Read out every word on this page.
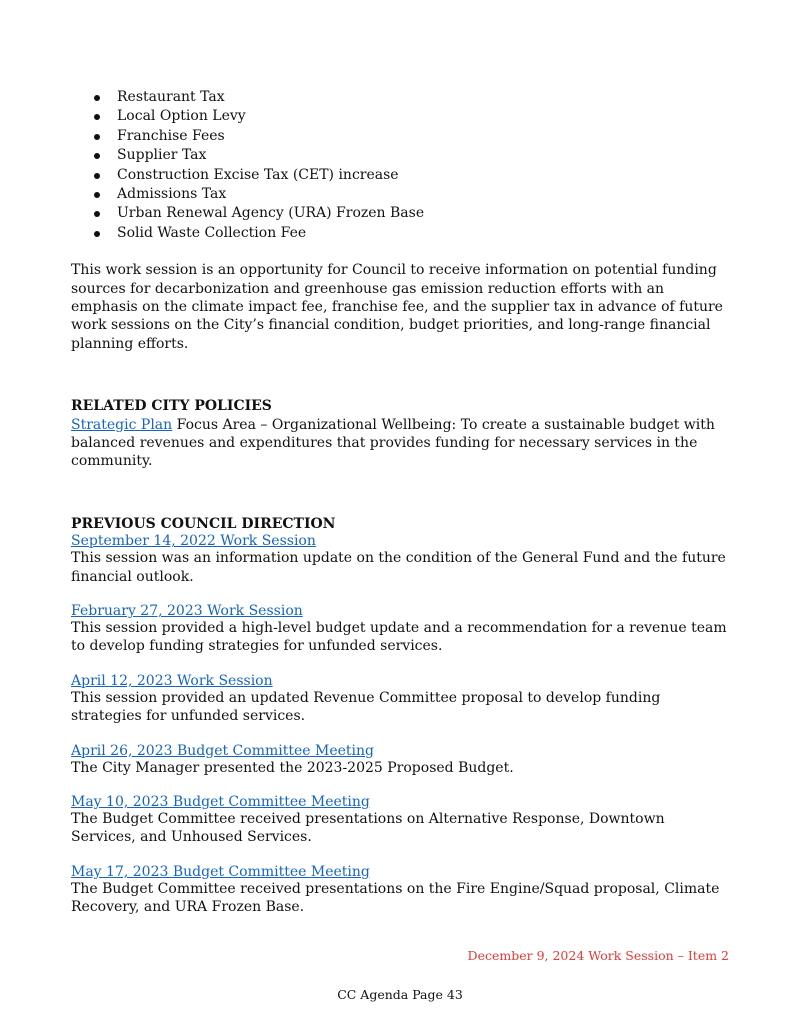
Restaurant Tax
Local Option Levy
Franchise Fees
Supplier Tax
Construction Excise Tax (CET) increase
Admissions Tax
Urban Renewal Agency (URA) Frozen Base
Solid Waste Collection Fee

This work session is an opportunity for Council to receive information on potential funding sources for decarbonization and greenhouse gas emission reduction efforts with an emphasis on the climate impact fee, franchise fee, and the supplier tax in advance of future work sessions on the City’s financial condition, budget priorities, and long-range financial planning efforts.

RELATED CITY POLICIES

Strategic Plan Focus Area – Organizational Wellbeing: To create a sustainable budget with balanced revenues and expenditures that provides funding for necessary services in the community.

PREVIOUS COUNCIL DIRECTION
September 14, 2022 Work Session

This session was an information update on the condition of the General Fund and the future financial outlook.

February 27, 2023 Work Session

This session provided a high-level budget update and a recommendation for a revenue team to develop funding strategies for unfunded services.

April 12, 2023 Work Session

This session provided an updated Revenue Committee proposal to develop funding strategies for unfunded services.

April 26, 2023 Budget Committee Meeting

The City Manager presented the 2023-2025 Proposed Budget.

May 10, 2023 Budget Committee Meeting

The Budget Committee received presentations on Alternative Response, Downtown Services, and Unhoused Services.

May 17, 2023 Budget Committee Meeting

The Budget Committee received presentations on the Fire Engine/Squad proposal, Climate Recovery, and URA Frozen Base.

December 9, 2024 Work Session – Item 2
CC Agenda Page 43
